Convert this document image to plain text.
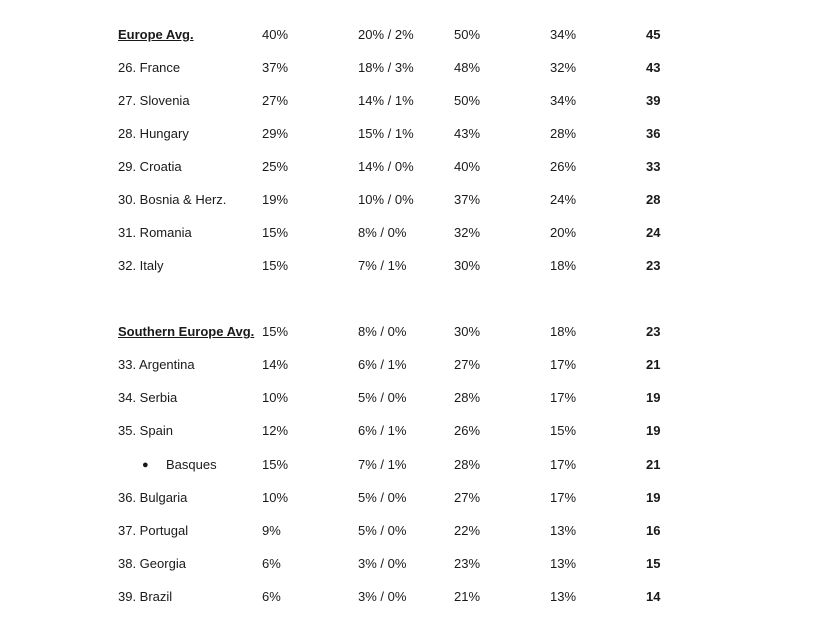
Europe Avg.	40%	20% / 2%	50%	34%	45
26. France	37%	18% / 3%	48%	32%	43
27. Slovenia	27%	14% / 1%	50%	34%	39
28. Hungary	29%	15% / 1%	43%	28%	36
29. Croatia	25%	14% / 0%	40%	26%	33
30. Bosnia & Herz.	19%	10% / 0%	37%	24%	28
31. Romania	15%	8% / 0%	32%	20%	24
32. Italy	15%	7% / 1%	30%	18%	23
Southern Europe Avg. 15%	8% / 0%	30%	18%	23
33. Argentina	14%	6% / 1%	27%	17%	21
34. Serbia	10%	5% / 0%	28%	17%	19
35. Spain	12%	6% / 1%	26%	15%	19
● Basques	15%	7% / 1%	28%	17%	21
36. Bulgaria	10%	5% / 0%	27%	17%	19
37. Portugal	9%	5% / 0%	22%	13%	16
38. Georgia	6%	3% / 0%	23%	13%	15
39. Brazil	6%	3% / 0%	21%	13%	14
